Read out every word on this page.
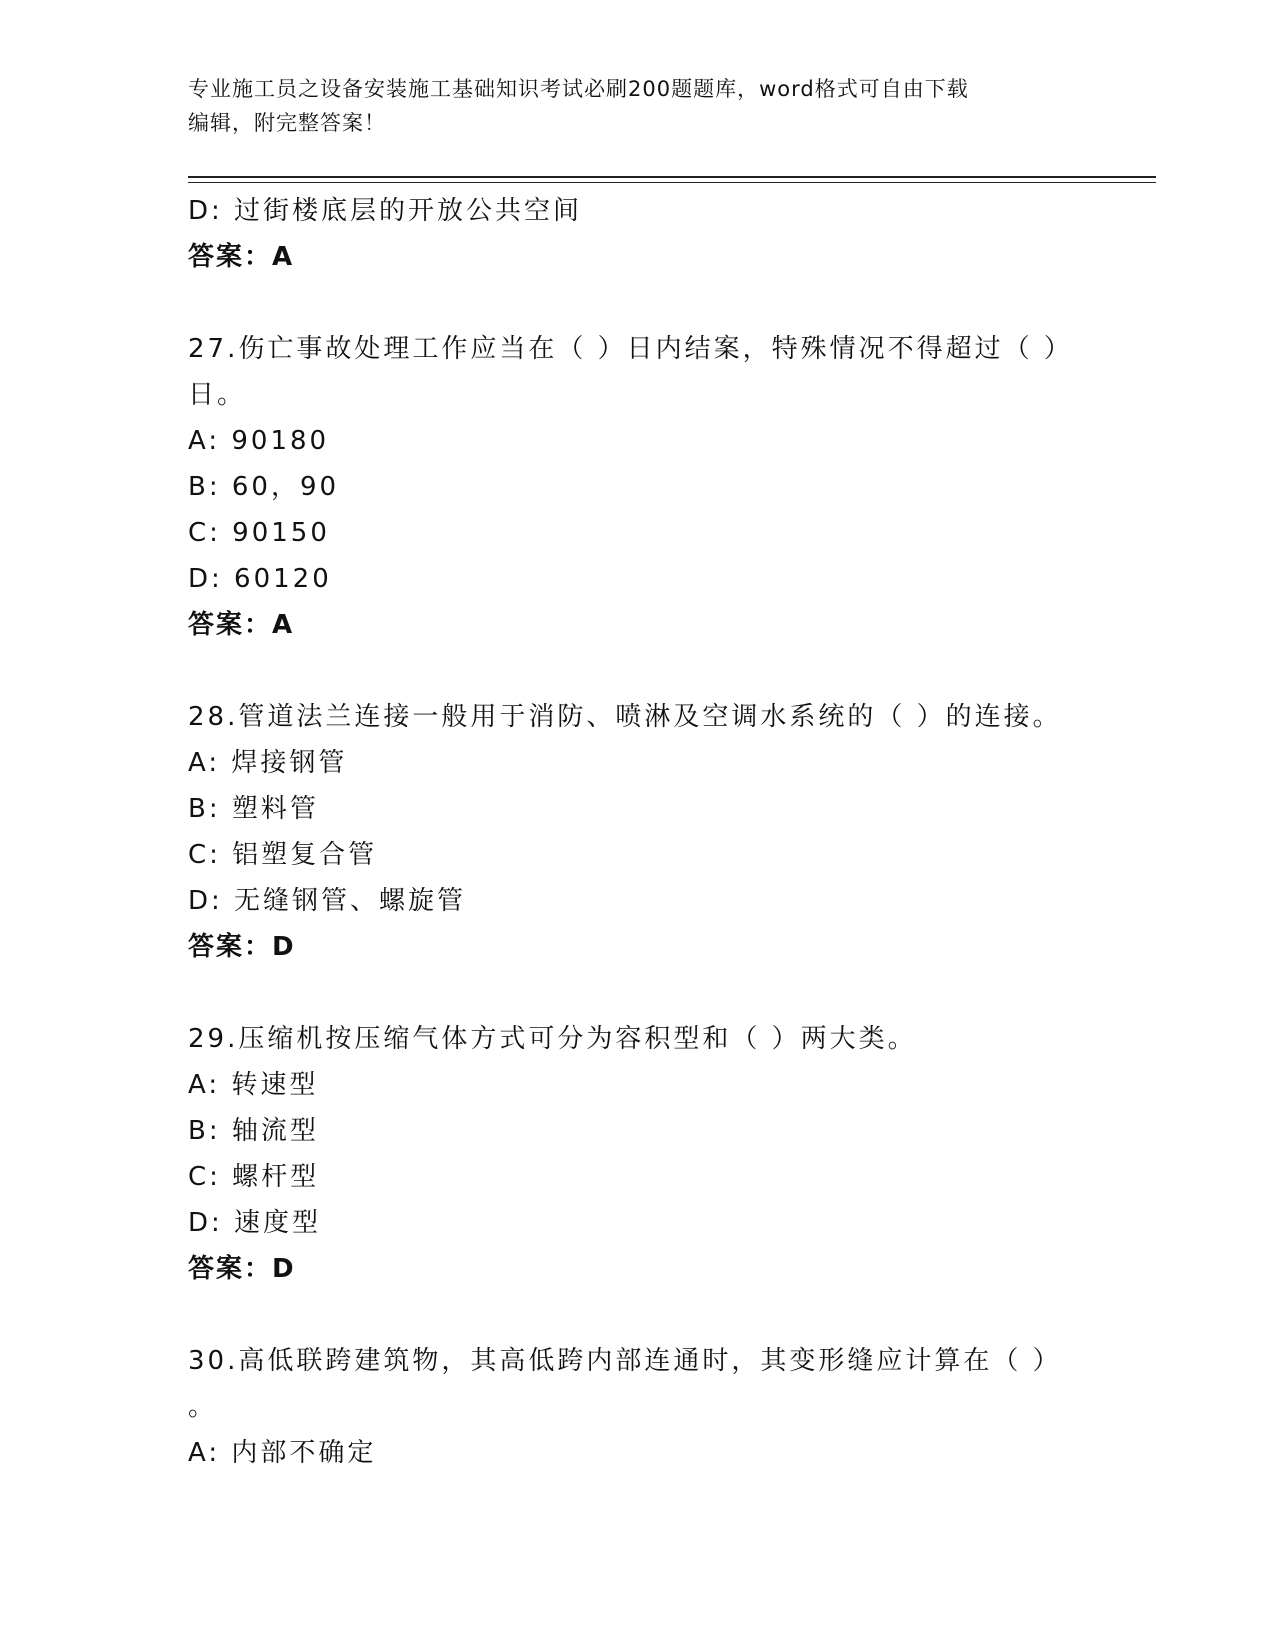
专业施工员之设备安装施工基础知识考试必刷200题题库，word格式可自由下载
编辑，附完整答案！
D: 过街楼底层的开放公共空间
答案：A
27.伤亡事故处理工作应当在（ ）日内结案，特殊情况不得超过（ ）
日。
A: 90180
B: 60，90
C: 90150
D: 60120
答案：A
28.管道法兰连接一般用于消防、喷淋及空调水系统的（ ）的连接。
A: 焊接钢管
B: 塑料管
C: 铝塑复合管
D: 无缝钢管、螺旋管
答案：D
29.压缩机按压缩气体方式可分为容积型和（ ）两大类。
A: 转速型
B: 轴流型
C: 螺杆型
D: 速度型
答案：D
30.高低联跨建筑物，其高低跨内部连通时，其变形缝应计算在（ ）
。
A: 内部不确定
